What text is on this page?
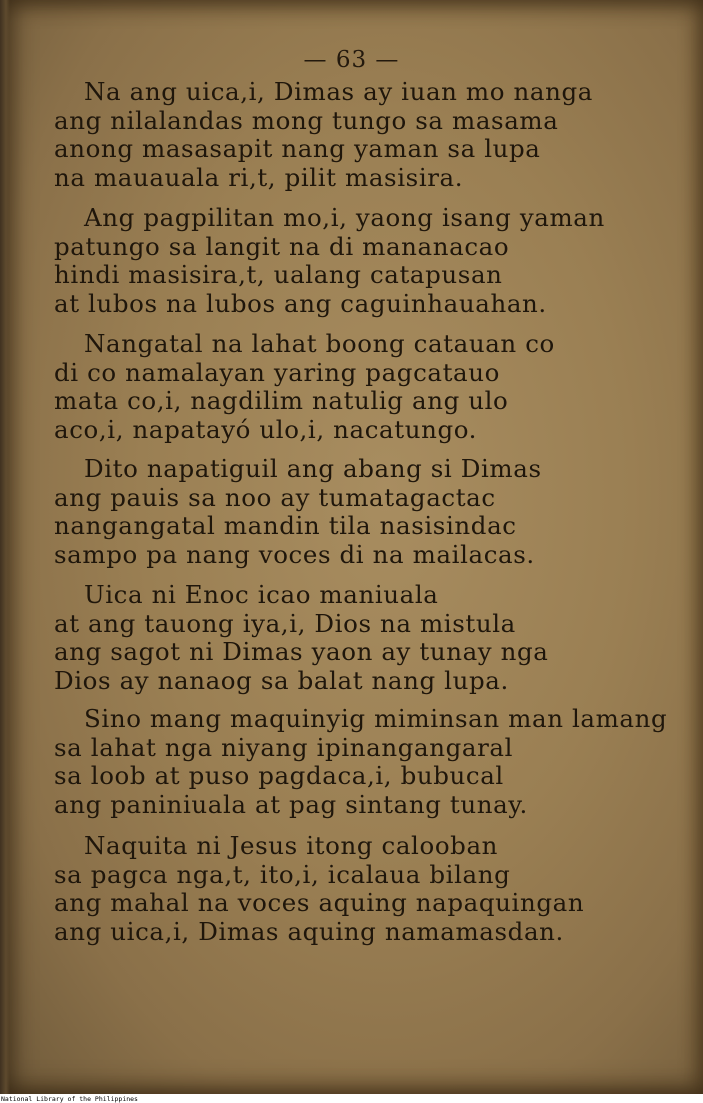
— 63 —
Na ang uica,i, Dimas ay iuan mo nanga
ang nilalandas mong tungo sa masama
anong masasapit nang yaman sa lupa
na mauauala ri,t, pilit masisira.
Ang pagpilitan mo,i, yaong isang yaman
patungo sa langit na di mananacao
hindi masisira,t, ualang catapusan
at lubos na lubos ang caguinhauahan.
Nangatal na lahat boong catauan co
di co namalayan yaring pagcatauo
mata co,i, nagdilim natulig ang ulo
aco,i, napatayó ulo,i, nacatungo.
Dito napatiguil ang abang si Dimas
ang pauis sa noo ay tumatagactac
nangangatal mandin tila nasisindac
sampo pa nang voces di na mailacas.
Uica ni Enoc icao maniuala
at ang tauong iya,i, Dios na mistula
ang sagot ni Dimas yaon ay tunay nga
Dios ay nanaog sa balat nang lupa.
Sino mang maquinyig miminsan man lamang
sa lahat nga niyang ipinangangaral
sa loob at puso pagdaca,i, bubucal
ang paniniuala at pag sintang tunay.
Naquita ni Jesus itong calooban
sa pagca nga,t, ito,i, icalaua bilang
ang mahal na voces aquing napaquingan
ang uica,i, Dimas aquing namamasdan.
National Library of the Philippines
